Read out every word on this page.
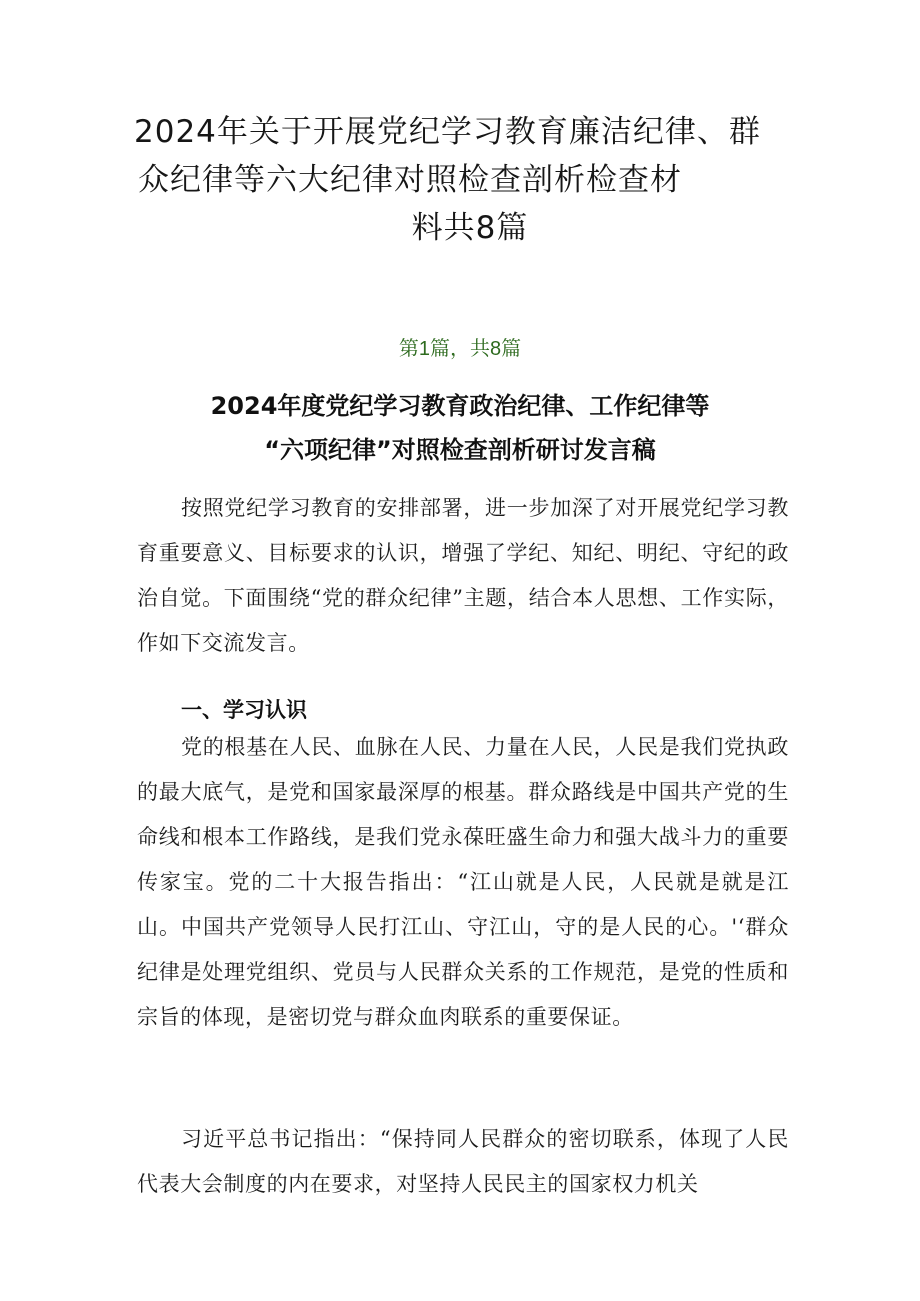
2024年关于开展党纪学习教育廉洁纪律、群
众纪律等六大纪律对照检查剖析检查材
料共8篇

第1篇，共8篇

2024年度党纪学习教育政治纪律、工作纪律等
“六项纪律”对照检查剖析研讨发言稿

按照党纪学习教育的安排部署，进一步加深了对开展党纪学习教育重要意义、目标要求的认识，增强了学纪、知纪、明纪、守纪的政治自觉。下面围绕“党的群众纪律”主题，结合本人思想、工作实际，作如下交流发言。

一、学习认识

党的根基在人民、血脉在人民、力量在人民，人民是我们党执政的最大底气，是党和国家最深厚的根基。群众路线是中国共产党的生命线和根本工作路线，是我们党永葆旺盛生命力和强大战斗力的重要传家宝。党的二十大报告指出：“江山就是人民，人民就是就是江山。中国共产党领导人民打江山、守江山，守的是人民的心。'‘群众纪律是处理党组织、党员与人民群众关系的工作规范，是党的性质和宗旨的体现，是密切党与群众血肉联系的重要保证。

习近平总书记指出：“保持同人民群众的密切联系，体现了人民代表大会制度的内在要求，对坚持人民民主的国家权力机关
